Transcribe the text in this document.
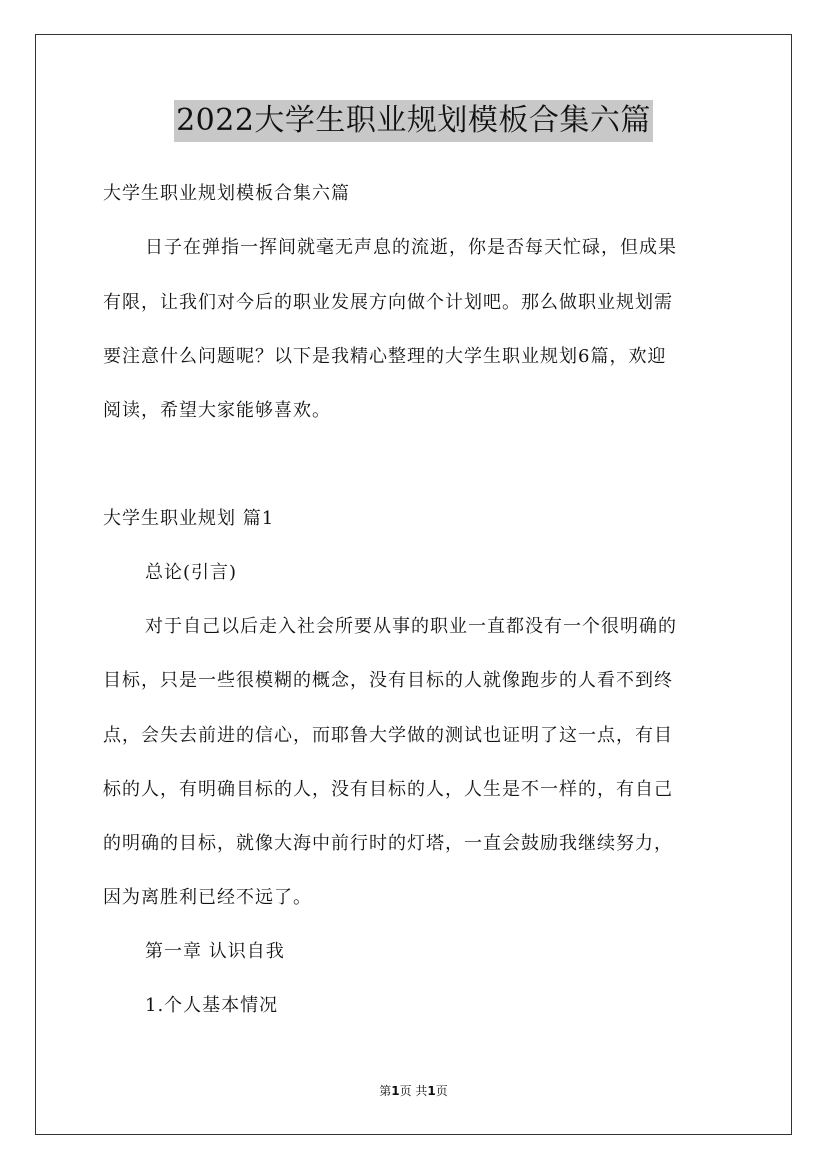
2022大学生职业规划模板合集六篇
大学生职业规划模板合集六篇
日子在弹指一挥间就毫无声息的流逝，你是否每天忙碌，但成果
有限，让我们对今后的职业发展方向做个计划吧。那么做职业规划需
要注意什么问题呢？以下是我精心整理的大学生职业规划6篇，欢迎
阅读，希望大家能够喜欢。
大学生职业规划 篇1
总论(引言)
对于自己以后走入社会所要从事的职业一直都没有一个很明确的
目标，只是一些很模糊的概念，没有目标的人就像跑步的人看不到终
点，会失去前进的信心，而耶鲁大学做的测试也证明了这一点，有目
标的人，有明确目标的人，没有目标的人，人生是不一样的，有自己
的明确的目标，就像大海中前行时的灯塔，一直会鼓励我继续努力，
因为离胜利已经不远了。
第一章 认识自我
1.个人基本情况
第1页 共1页
